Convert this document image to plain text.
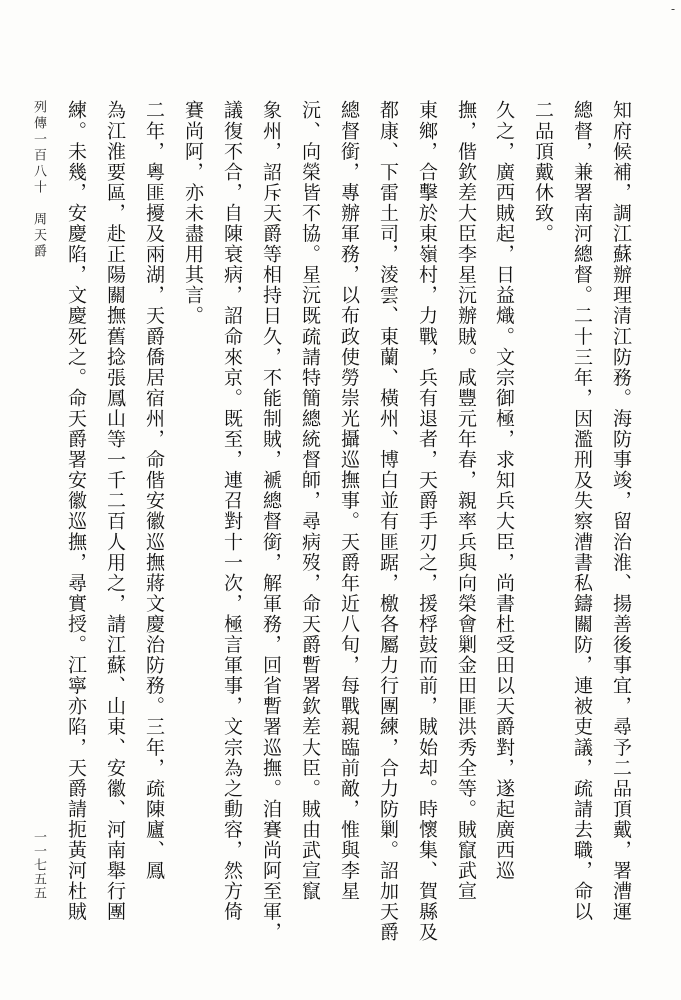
-
知府候補，調江蘇辦理清江防務。海防事竣，留治淮、揚善後事宜，尋予二品頂戴，署漕運
總督，兼署南河總督。二十三年，因濫刑及失察漕書私鑄關防，連被吏議，疏請去職，命以
二品頂戴休致。
久之，廣西賊起，日益熾。文宗御極，求知兵大臣，尚書杜受田以天爵對，遂起廣西巡
撫，偕欽差大臣李星沅辦賊。咸豐元年春，親率兵與向榮會剿金田匪洪秀全等。賊竄武宣
東鄉，合擊於東嶺村，力戰，兵有退者，天爵手刃之，援桴鼓而前，賊始却。時懷集、賀縣及
都康、下雷土司，淩雲、東蘭、橫州、博白並有匪踞，檄各屬力行團練，合力防剿。詔加天爵
總督銜，專辦軍務，以布政使勞崇光攝巡撫事。天爵年近八旬，每戰親臨前敵，惟與李星
沅、向榮皆不協。星沅既疏請特簡總統督師，尋病歿，命天爵暫署欽差大臣。賊由武宣竄
象州，詔斥天爵等相持日久，不能制賊，褫總督銜，解軍務，回省暫署巡撫。洎賽尚阿至軍，
議復不合，自陳衰病，詔命來京。既至，連召對十一次，極言軍事，文宗為之動容，然方倚
賽尚阿，亦未盡用其言。
二年，粵匪擾及兩湖，天爵僑居宿州，命偕安徽巡撫蔣文慶治防務。三年，疏陳廬、鳳
為江淮要區，赴正陽關撫舊捻張鳳山等一千二百人用之，請江蘇、山東、安徽、河南舉行團
練。未幾，安慶陷，文慶死之。命天爵署安徽巡撫，尋實授。江寧亦陷，天爵請扼黃河杜賊
列傳一百八十　周天爵
一一七五五
